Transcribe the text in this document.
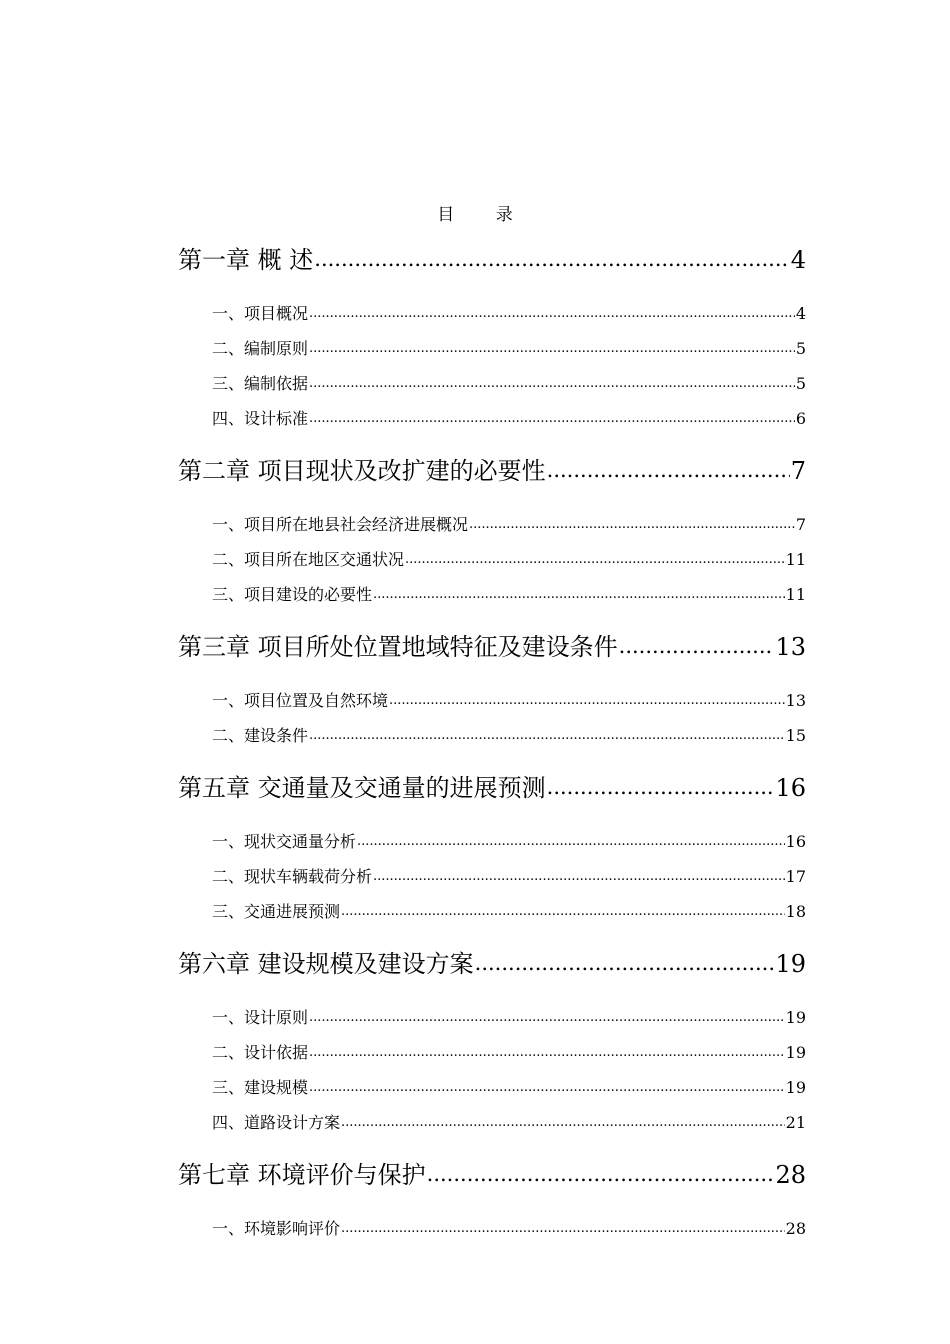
目 录
第一章 概 述 .....	4
一、项目概况 .....	4
二、编制原则 .....	5
三、编制依据 .....	5
四、设计标准 .....	6
第二章 项目现状及改扩建的必要性 .....	7
一、项目所在地县社会经济进展概况 .....	7
二、项目所在地区交通状况 .....	11
三、项目建设的必要性 .....	11
第三章 项目所处位置地域特征及建设条件 .....	13
一、项目位置及自然环境 .....	13
二、建设条件 .....	15
第五章 交通量及交通量的进展预测 .....	16
一、现状交通量分析 .....	16
二、现状车辆载荷分析 .....	17
三、交通进展预测 .....	18
第六章 建设规模及建设方案 .....	19
一、设计原则 .....	19
二、设计依据 .....	19
三、建设规模 .....	19
四、道路设计方案 .....	21
第七章 环境评价与保护 .....	28
一、环境影响评价 .....	28
